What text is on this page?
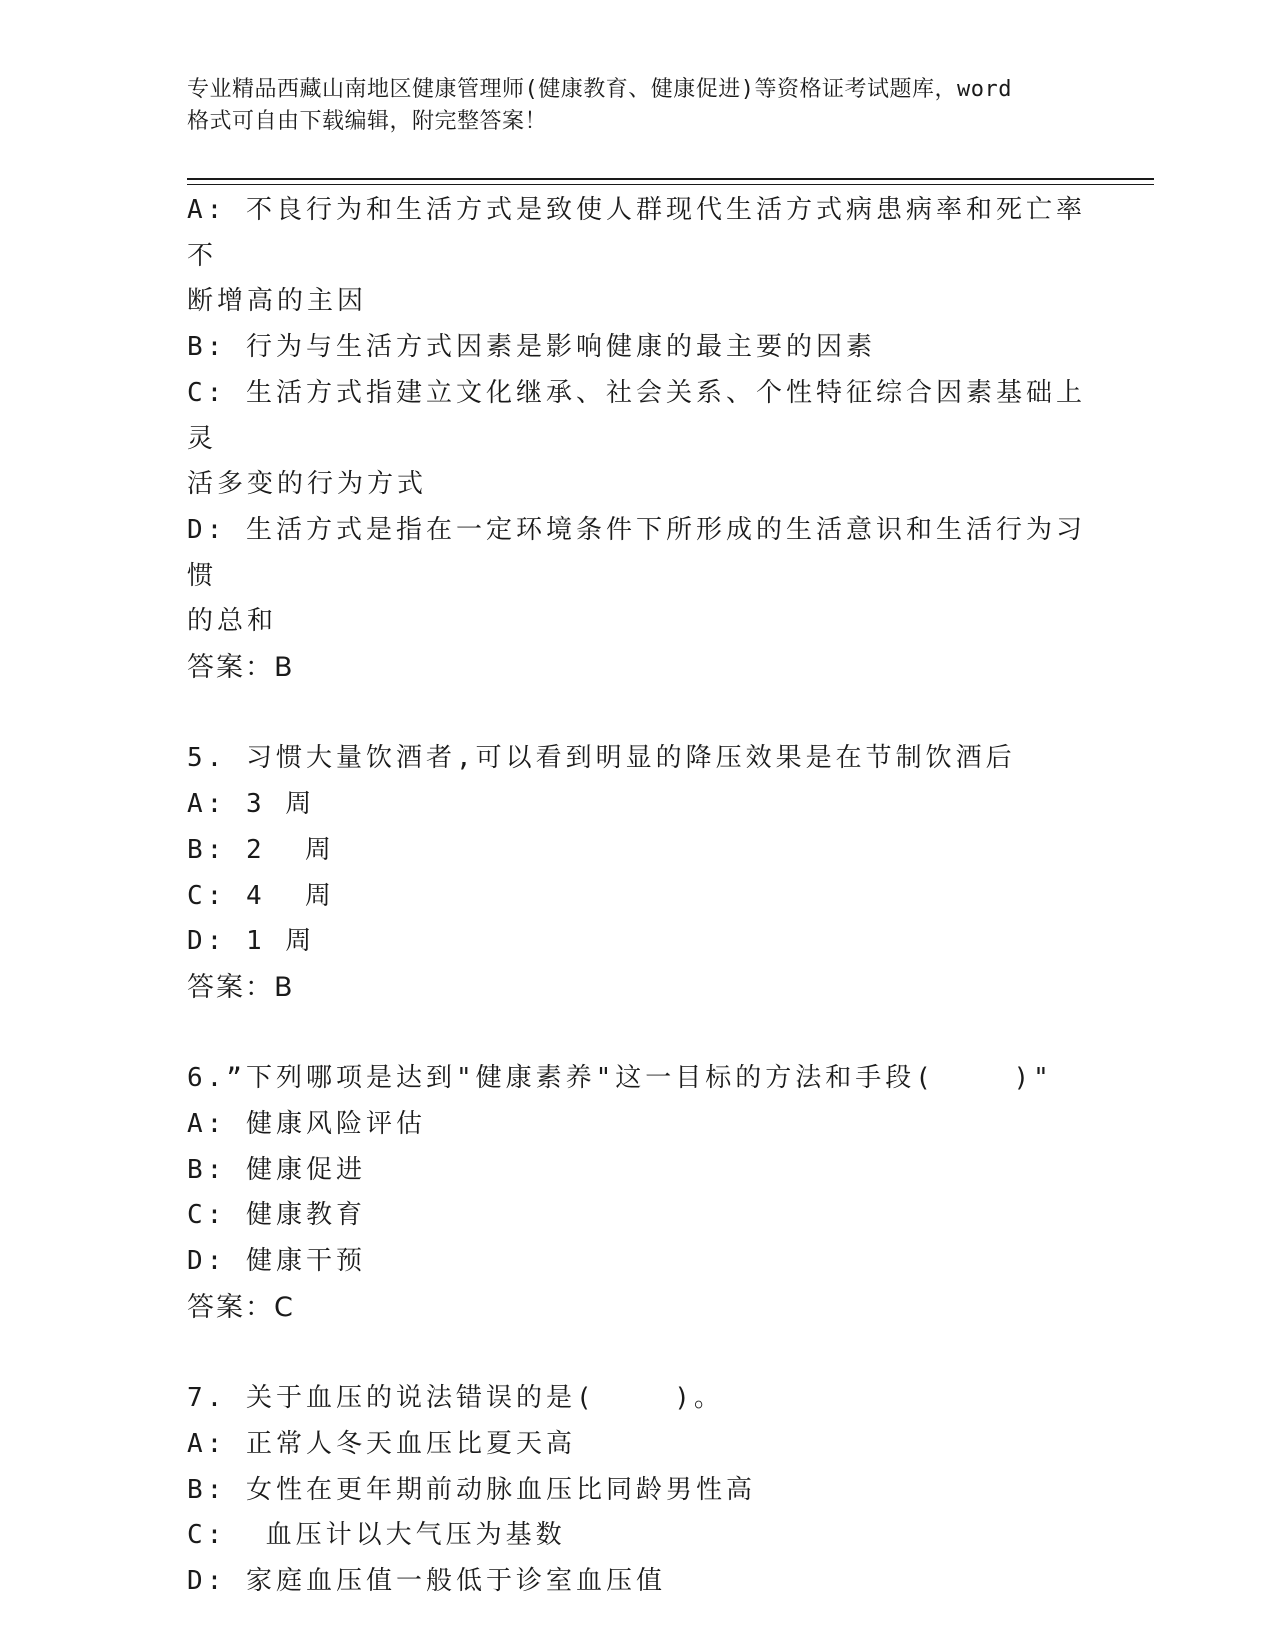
专业精品西藏山南地区健康管理师(健康教育、健康促进)等资格证考试题库，word
格式可自由下载编辑，附完整答案！
A: 不良行为和生活方式是致使人群现代生活方式病患病率和死亡率不
断增高的主因
B: 行为与生活方式因素是影响健康的最主要的因素
C: 生活方式指建立文化继承、社会关系、个性特征综合因素基础上灵
活多变的行为方式
D: 生活方式是指在一定环境条件下所形成的生活意识和生活行为习惯
的总和
答案：B
5. 习惯大量饮酒者,可以看到明显的降压效果是在节制饮酒后
A: 3 周
B: 2  周
C: 4  周
D: 1 周
答案：B
6.”下列哪项是达到"健康素养"这一目标的方法和手段(    )"
A: 健康风险评估
B: 健康促进
C: 健康教育
D: 健康干预
答案：C
7. 关于血压的说法错误的是(    )。
A: 正常人冬天血压比夏天高
B: 女性在更年期前动脉血压比同龄男性高
C:  血压计以大气压为基数
D: 家庭血压值一般低于诊室血压值
